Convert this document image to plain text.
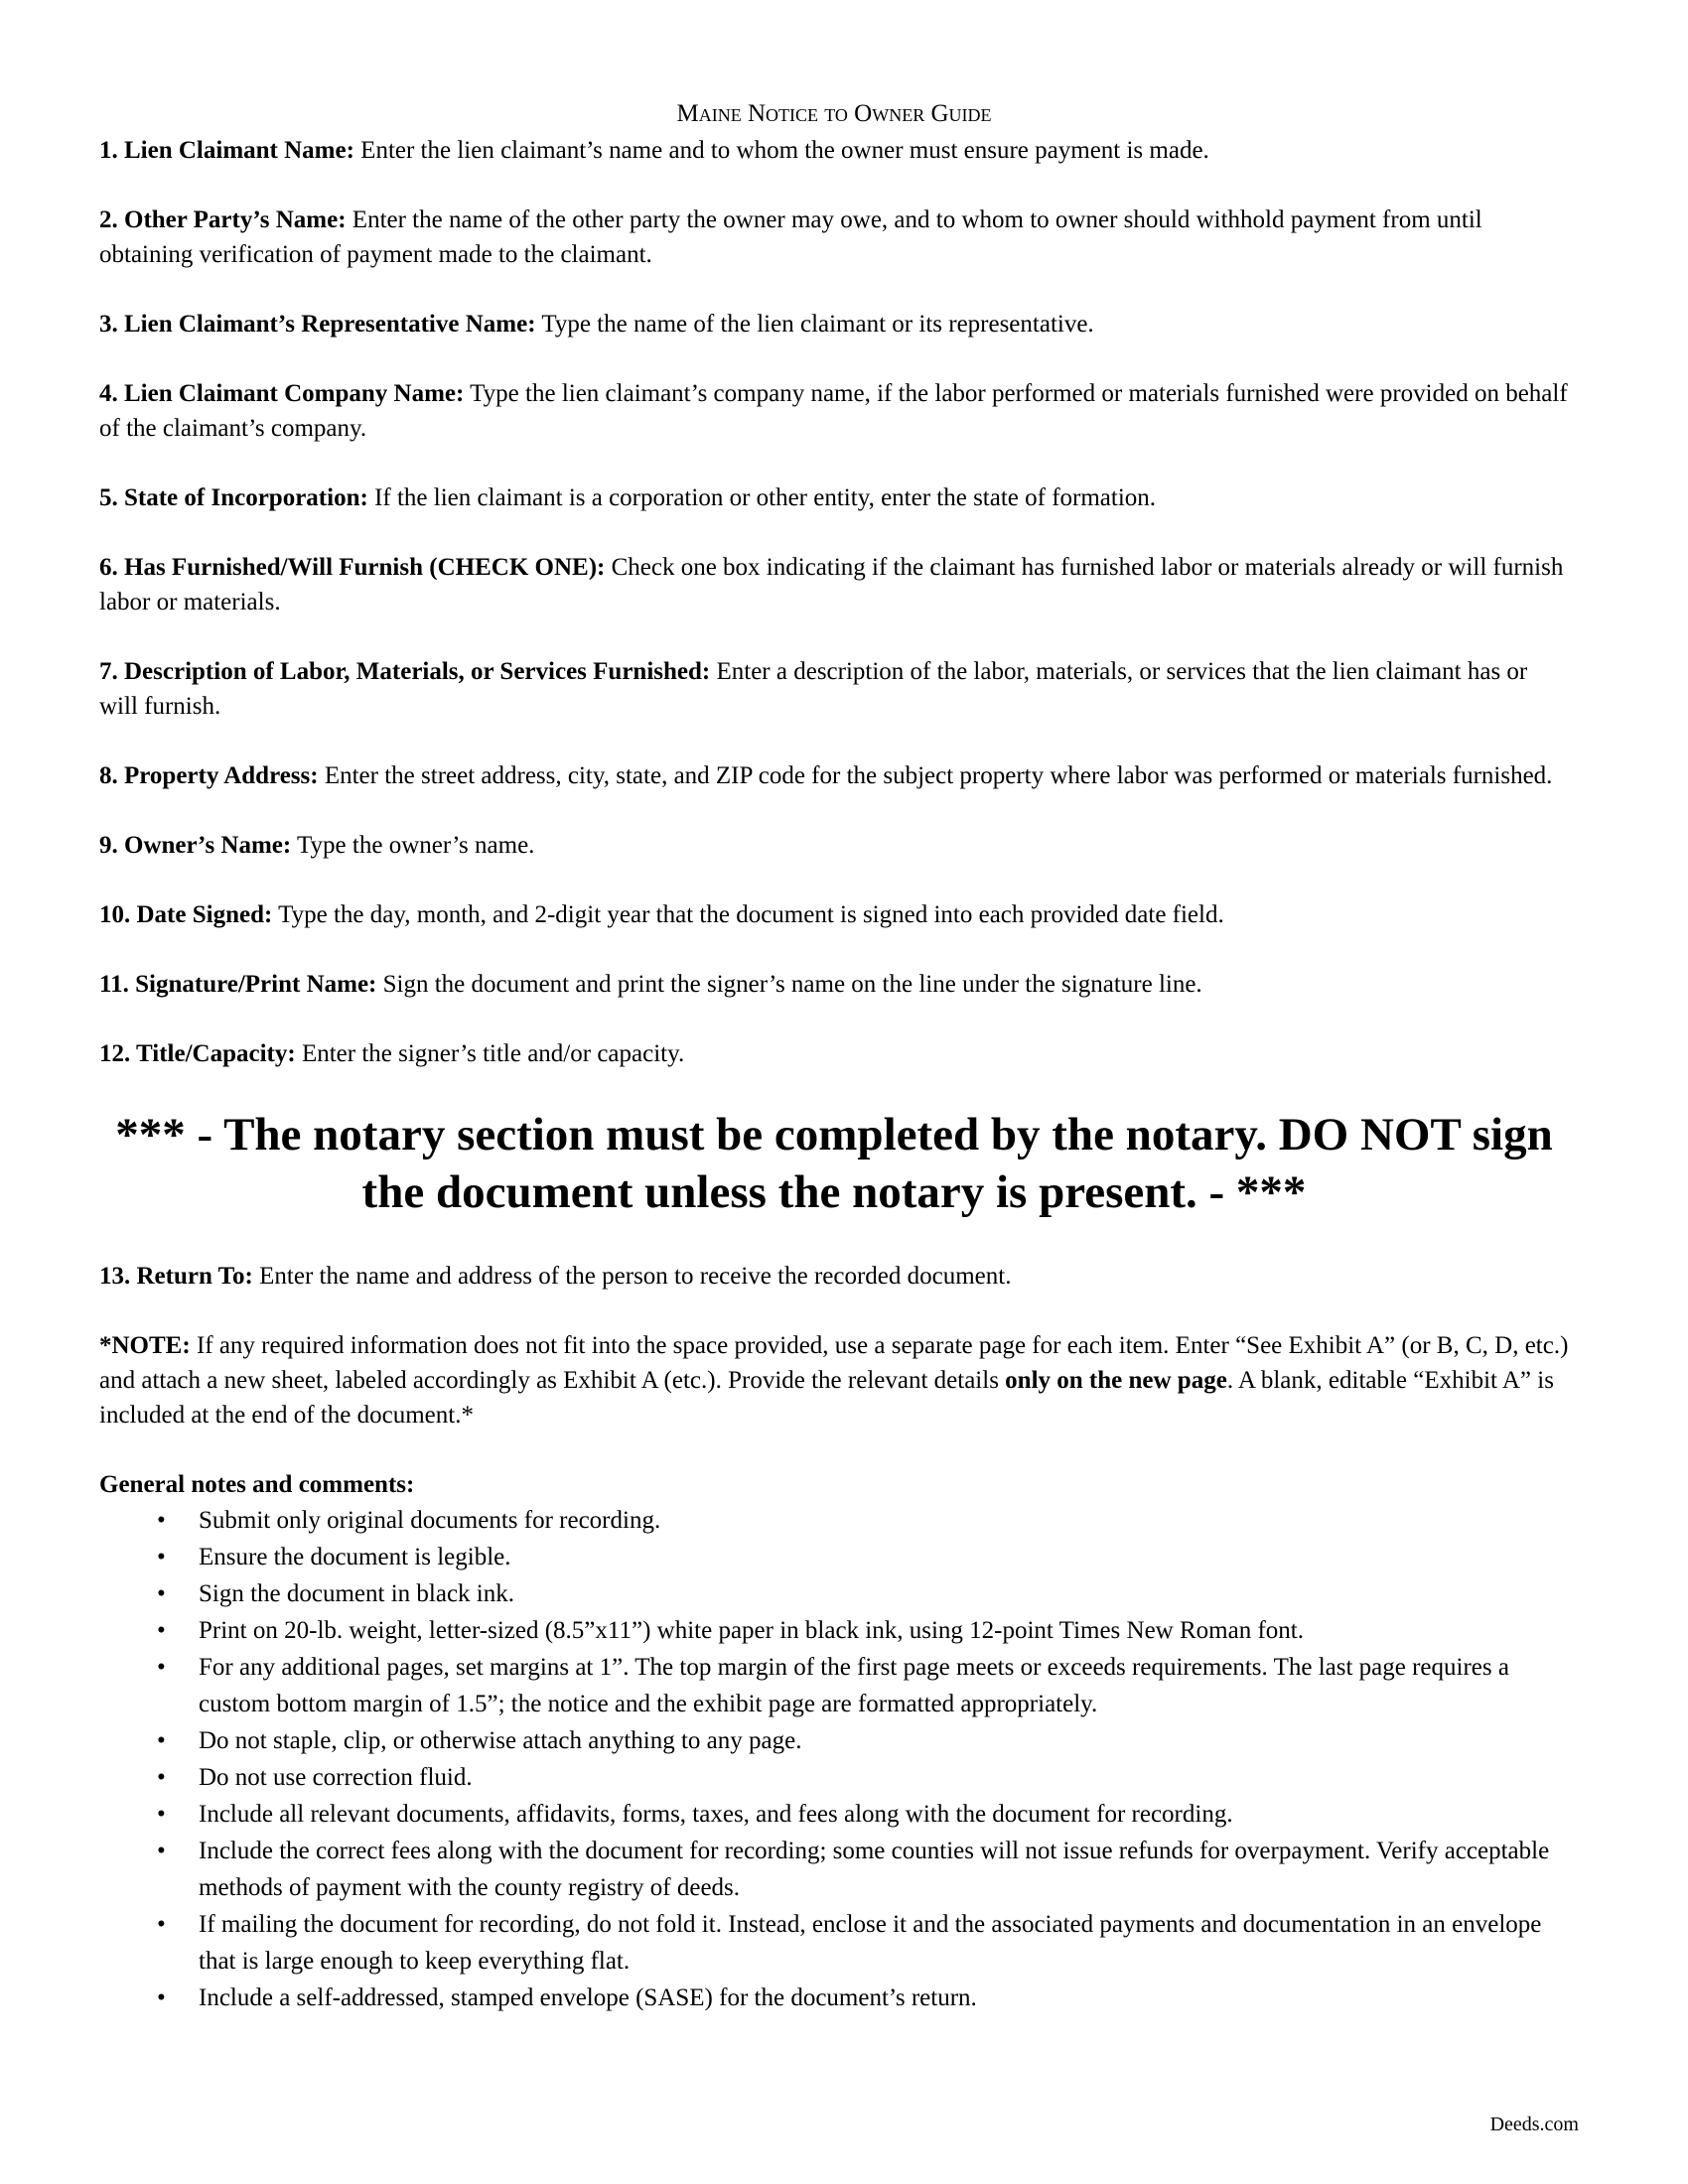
Maine Notice to Owner Guide
1. Lien Claimant Name: Enter the lien claimant’s name and to whom the owner must ensure payment is made.
2. Other Party’s Name: Enter the name of the other party the owner may owe, and to whom to owner should withhold payment from until obtaining verification of payment made to the claimant.
3. Lien Claimant’s Representative Name: Type the name of the lien claimant or its representative.
4. Lien Claimant Company Name: Type the lien claimant’s company name, if the labor performed or materials furnished were provided on behalf of the claimant’s company.
5. State of Incorporation: If the lien claimant is a corporation or other entity, enter the state of formation.
6. Has Furnished/Will Furnish (CHECK ONE): Check one box indicating if the claimant has furnished labor or materials already or will furnish labor or materials.
7. Description of Labor, Materials, or Services Furnished: Enter a description of the labor, materials, or services that the lien claimant has or will furnish.
8. Property Address: Enter the street address, city, state, and ZIP code for the subject property where labor was performed or materials furnished.
9. Owner’s Name: Type the owner’s name.
10. Date Signed: Type the day, month, and 2-digit year that the document is signed into each provided date field.
11. Signature/Print Name: Sign the document and print the signer’s name on the line under the signature line.
12. Title/Capacity: Enter the signer’s title and/or capacity.
*** - The notary section must be completed by the notary. DO NOT sign the document unless the notary is present. - ***
13. Return To: Enter the name and address of the person to receive the recorded document.
*NOTE: If any required information does not fit into the space provided, use a separate page for each item. Enter “See Exhibit A” (or B, C, D, etc.) and attach a new sheet, labeled accordingly as Exhibit A (etc.). Provide the relevant details only on the new page. A blank, editable “Exhibit A” is included at the end of the document.*
General notes and comments:
• Submit only original documents for recording.
• Ensure the document is legible.
• Sign the document in black ink.
• Print on 20-lb. weight, letter-sized (8.5”x11”) white paper in black ink, using 12-point Times New Roman font.
• For any additional pages, set margins at 1”. The top margin of the first page meets or exceeds requirements. The last page requires a custom bottom margin of 1.5”; the notice and the exhibit page are formatted appropriately.
• Do not staple, clip, or otherwise attach anything to any page.
• Do not use correction fluid.
• Include all relevant documents, affidavits, forms, taxes, and fees along with the document for recording.
• Include the correct fees along with the document for recording; some counties will not issue refunds for overpayment. Verify acceptable methods of payment with the county registry of deeds.
• If mailing the document for recording, do not fold it. Instead, enclose it and the associated payments and documentation in an envelope that is large enough to keep everything flat.
• Include a self-addressed, stamped envelope (SASE) for the document’s return.
Deeds.com
